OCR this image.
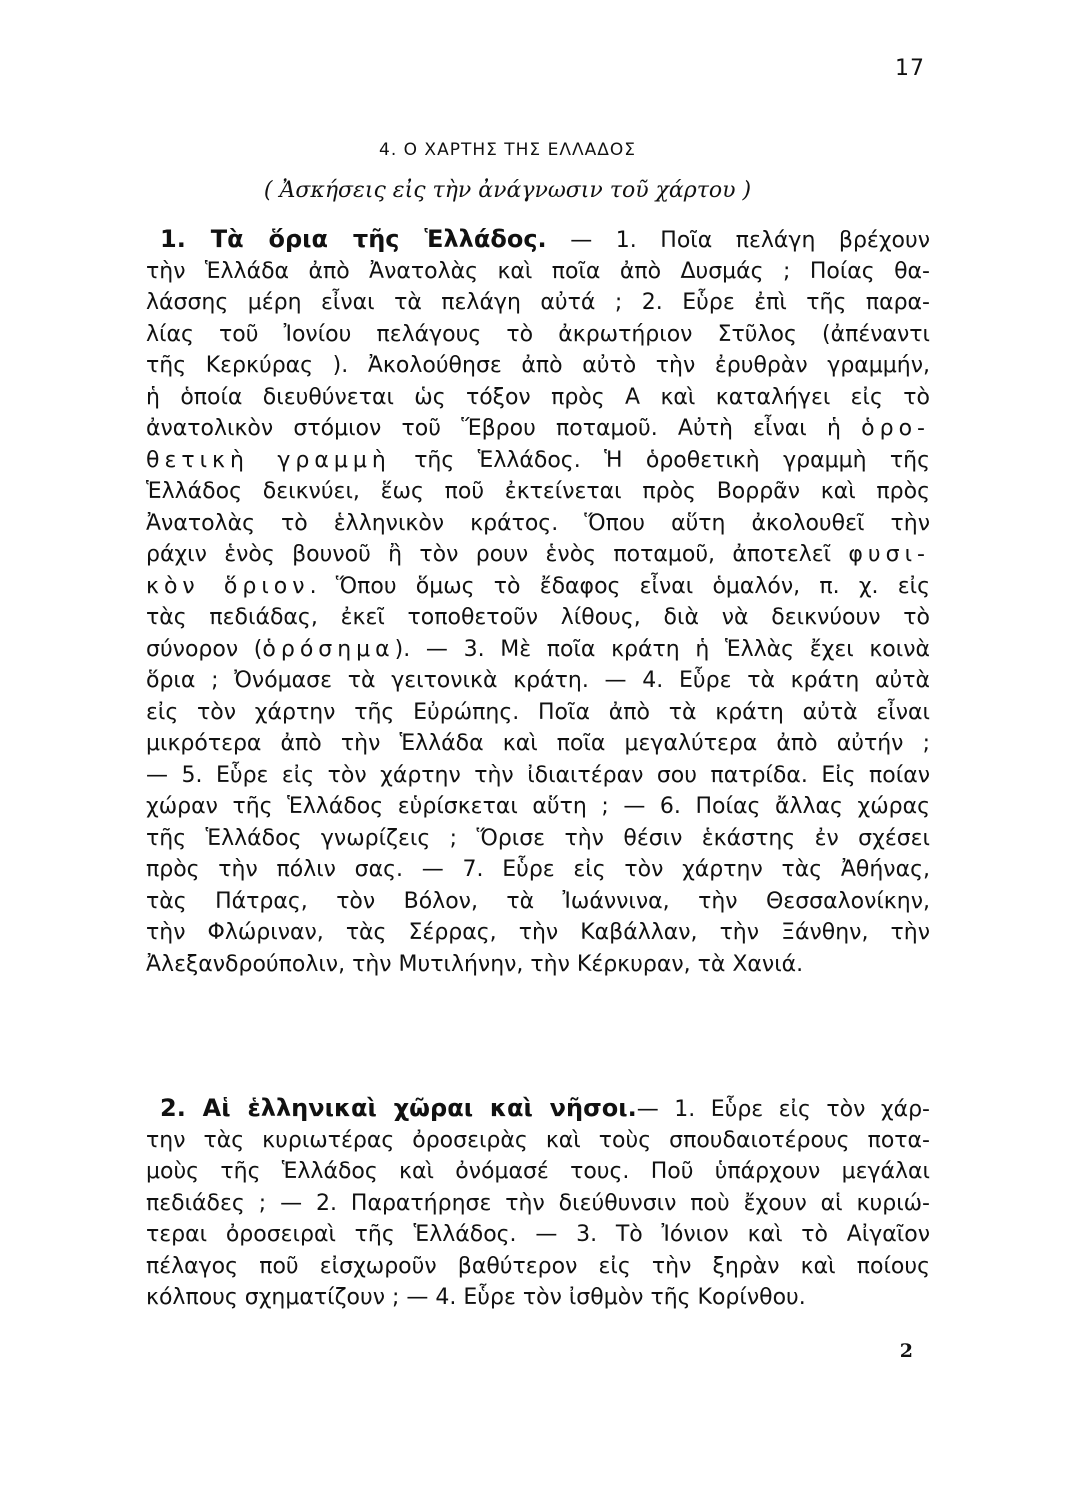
17
4. Ο ΧΑΡΤΗΣ ΤΗΣ ΕΛΛΑΔΟΣ
( Ἀσκήσεις εἰς τὴν ἀνάγνωσιν τοῦ χάρτου )
1. Τὰ ὅρια τῆς Ἑλλάδος. — 1. Ποῖα πελάγη βρέχουν
τὴν Ἑλλάδα ἀπὸ Ἀνατολὰς καὶ ποῖα ἀπὸ Δυσμάς ; Ποίας θα-
λάσσης μέρη εἶναι τὰ πελάγη αὐτά ; 2. Εὗρε ἐπὶ τῆς παρα-
λίας τοῦ Ἰονίου πελάγους τὸ ἀκρωτήριον Στῦλος (ἀπέναντι
τῆς Κερκύρας ). Ἀκολούθησε ἀπὸ αὐτὸ τὴν ἐρυθρὰν γραμμήν,
ἡ ὁποία διευθύνεται ὡς τόξον πρὸς Α καὶ καταλήγει εἰς τὸ
ἀνατολικὸν στόμιον τοῦ Ἕβρου ποταμοῦ. Αὐτὴ εἶναι ἡ ὁρο-
θετικὴ γραμμὴ τῆς Ἑλλάδος. Ἡ ὁροθετικὴ γραμμὴ τῆς
Ἑλλάδος δεικνύει, ἕως ποῦ ἐκτείνεται πρὸς Βορρᾶν καὶ πρὸς
Ἀνατολὰς τὸ ἑλληνικὸν κράτος. Ὅπου αὕτη ἀκολουθεῖ τὴν
ράχιν ἑνὸς βουνοῦ ἢ τὸν ρουν ἑνὸς ποταμοῦ, ἀποτελεῖ φυσι-
κὸν ὅριον. Ὅπου ὅμως τὸ ἔδαφος εἶναι ὁμαλόν, π. χ. εἰς
τὰς πεδιάδας, ἐκεῖ τοποθετοῦν λίθους, διὰ νὰ δεικνύουν τὸ
σύνορον (ὁρόσημα). — 3. Μὲ ποῖα κράτη ἡ Ἑλλὰς ἔχει κοινὰ
ὅρια ; Ὀνόμασε τὰ γειτονικὰ κράτη. — 4. Εὗρε τὰ κράτη αὐτὰ
εἰς τὸν χάρτην τῆς Εὐρώπης. Ποῖα ἀπὸ τὰ κράτη αὐτὰ εἶναι
μικρότερα ἀπὸ τὴν Ἑλλάδα καὶ ποῖα μεγαλύτερα ἀπὸ αὐτήν ;
— 5. Εὗρε εἰς τὸν χάρτην τὴν ἰδιαιτέραν σου πατρίδα. Εἰς ποίαν
χώραν τῆς Ἑλλάδος εὑρίσκεται αὕτη ; — 6. Ποίας ἄλλας χώρας
τῆς Ἑλλάδος γνωρίζεις ; Ὅρισε τὴν θέσιν ἑκάστης ἐν σχέσει
πρὸς τὴν πόλιν σας. — 7. Εὗρε εἰς τὸν χάρτην τὰς Ἀθήνας,
τὰς Πάτρας, τὸν Βόλον, τὰ Ἰωάννινα, τὴν Θεσσαλονίκην,
τὴν Φλώριναν, τὰς Σέρρας, τὴν Καβάλλαν, τὴν Ξάνθην, τὴν
Ἀλεξανδρούπολιν, τὴν Μυτιλήνην, τὴν Κέρκυραν, τὰ Χανιά.
2. Αἱ ἑλληνικαὶ χῶραι καὶ νῆσοι.— 1. Εὗρε εἰς τὸν χάρ-
την τὰς κυριωτέρας ὀροσειρὰς καὶ τοὺς σπουδαιοτέρους ποτα-
μοὺς τῆς Ἑλλάδος καὶ ὀνόμασέ τους. Ποῦ ὑπάρχουν μεγάλαι
πεδιάδες ; — 2. Παρατήρησε τὴν διεύθυνσιν ποὺ ἔχουν αἱ κυριώ-
τεραι ὀροσειραὶ τῆς Ἑλλάδος. — 3. Τὸ Ἰόνιον καὶ τὸ Αἰγαῖον
πέλαγος ποῦ εἰσχωροῦν βαθύτερον εἰς τὴν ξηρὰν καὶ ποίους
κόλπους σχηματίζουν ; — 4. Εὗρε τὸν ἰσθμὸν τῆς Κορίνθου.
2
